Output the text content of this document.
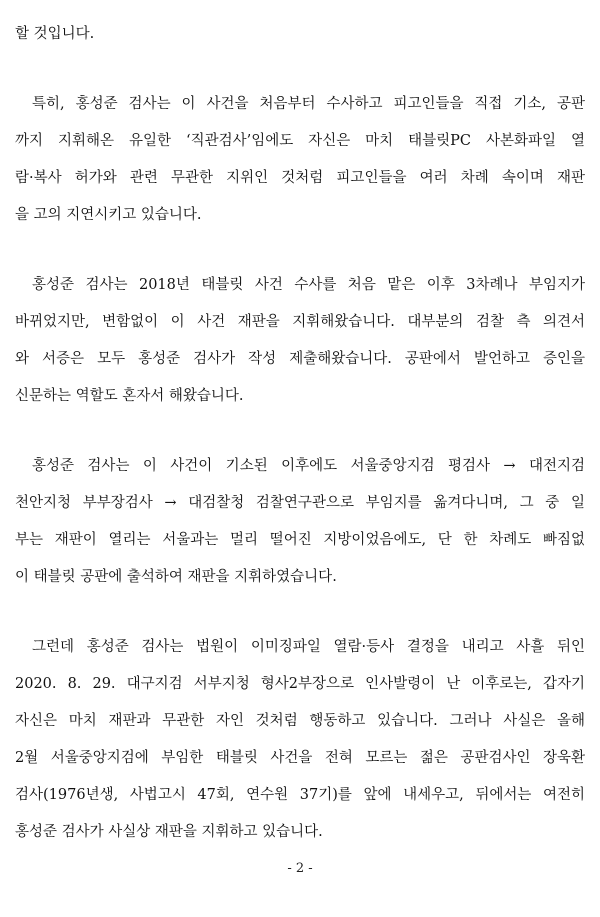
할 것입니다.
특히, 홍성준 검사는 이 사건을 처음부터 수사하고 피고인들을 직접 기소, 공판
까지 지휘해온 유일한 ‘직관검사’임에도 자신은 마치 태블릿PC 사본화파일 열
람·복사 허가와 관련 무관한 지위인 것처럼 피고인들을 여러 차례 속이며 재판
을 고의 지연시키고 있습니다.
홍성준 검사는 2018년 태블릿 사건 수사를 처음 맡은 이후 3차례나 부임지가
바뀌었지만, 변함없이 이 사건 재판을 지휘해왔습니다. 대부분의 검찰 측 의견서
와 서증은 모두 홍성준 검사가 작성 제출해왔습니다. 공판에서 발언하고 증인을
신문하는 역할도 혼자서 해왔습니다.
홍성준 검사는 이 사건이 기소된 이후에도 서울중앙지검 평검사 → 대전지검
천안지청 부부장검사 → 대검찰청 검찰연구관으로 부임지를 옮겨다니며, 그 중 일
부는 재판이 열리는 서울과는 멀리 떨어진 지방이었음에도, 단 한 차례도 빠짐없
이 태블릿 공판에 출석하여 재판을 지휘하였습니다.
그런데 홍성준 검사는 법원이 이미징파일 열람·등사 결정을 내리고 사흘 뒤인
2020. 8. 29. 대구지검 서부지청 형사2부장으로 인사발령이 난 이후로는, 갑자기
자신은 마치 재판과 무관한 자인 것처럼 행동하고 있습니다. 그러나 사실은 올해
2월 서울중앙지검에 부임한 태블릿 사건을 전혀 모르는 젊은 공판검사인 장욱환
검사(1976년생, 사법고시 47회, 연수원 37기)를 앞에 내세우고, 뒤에서는 여전히
홍성준 검사가 사실상 재판을 지휘하고 있습니다.
- 2 -
